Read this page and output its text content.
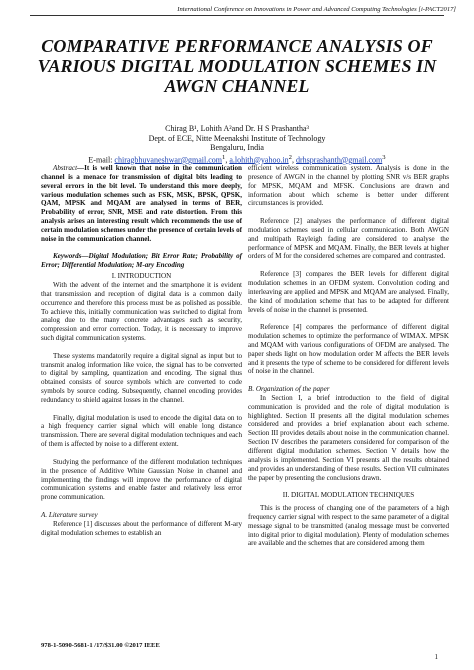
International Conference on Innovations in Power and Advanced Computing Technologies [i-PACT2017]
COMPARATIVE PERFORMANCE ANALYSIS OF
VARIOUS DIGITAL MODULATION SCHEMES IN
AWGN CHANNEL
Chirag B¹, Lohith A²and Dr. H S Prashantha³
Dept. of ECE, Nitte Meenakshi Institute of Technology
Bengaluru, India
E-mail: chiragbhuvaneshwar@gmail.com$^1$, $a.lohith@yahoo.in^2$, drhsprashanth@gmail.com$^3$

Abstract—It is well known that noise in the communication channel is a menace for transmission of digital bits leading to several errors in the bit level. To understand this more deeply, various modulation schemes such as FSK, MSK, BPSK, QPSK, QAM, MPSK and MQAM are analysed in terms of BER, Probability of error, SNR, MSE and rate distortion. From this analysis arises an interesting result which recommends the use of certain modulation schemes under the presence of certain levels of noise in the communication channel.

Keywords—Digital Modulation; Bit Error Rate; Probability of Error; Differential Modulation; M-ary Encoding

I. INTRODUCTION

With the advent of the internet and the smartphone it is evident that transmission and reception of digital data is a common daily occurrence and therefore this process must be as polished as possible. To achieve this, initially communication was switched to digital from analog due to the many concrete advantages such as security, compression and error correction. Today, it is necessary to improve such digital communication systems.

These systems mandatorily require a digital signal as input but to transmit analog information like voice, the signal has to be converted to digital by sampling, quantization and encoding. The signal thus obtained consists of source symbols which are converted to code symbols by source coding. Subsequently, channel encoding provides redundancy to shield against losses in the channel.

Finally, digital modulation is used to encode the digital data on to a high frequency carrier signal which will enable long distance transmission. There are several digital modulation techniques and each of them is affected by noise to a different extent.

Studying the performance of the different modulation techniques in the presence of Additive White Gaussian Noise in channel and implementing the findings will improve the performance of digital communication systems and enable faster and relatively less error prone communication.

A. Literature survey

Reference [1] discusses about the performance of different M-ary digital modulation schemes to establish an

efficient wireless communication system. Analysis is done in the presence of AWGN in the channel by plotting SNR v/s BER graphs for MPSK, MQAM and MFSK. Conclusions are drawn and information about which scheme is better under different circumstances is provided.

Reference [2] analyses the performance of different digital modulation schemes used in cellular communication. Both AWGN and multipath Rayleigh fading are considered to analyse the performance of MPSK and MQAM. Finally, the BER levels at higher orders of M for the considered schemes are compared and contrasted.

Reference [3] compares the BER levels for different digital modulation schemes in an OFDM system. Convolution coding and interleaving are applied and MPSK and MQAM are analysed. Finally, the kind of modulation scheme that has to be adapted for different levels of noise in the channel is presented.

Reference [4] compares the performance of different digital modulation schemes to optimize the performance of WIMAX. MPSK and MQAM with various configurations of OFDM are analysed. The paper sheds light on how modulation order M affects the BER levels and it presents the type of scheme to be considered for different levels of noise in the channel.

B. Organization of the paper

In Section I, a brief introduction to the field of digital communication is provided and the role of digital modulation is highlighted. Section II presents all the digital modulation schemes considered and provides a brief explanation about each scheme. Section III provides details about noise in the communication channel. Section IV describes the parameters considered for comparison of the different digital modulation schemes. Section V details how the analysis is implemented. Section VI presents all the results obtained and provides an understanding of these results. Section VII culminates the paper by presenting the conclusions drawn.

II. DIGITAL MODULATION TECHNIQUES

This is the process of changing one of the parameters of a high frequency carrier signal with respect to the same parameter of a digital message signal to be transmitted (analog message must be converted into digital prior to digital modulation). Plenty of modulation schemes are available and the schemes that are considered among them

978-1-5090-5681-1 /17/$31.00 ©2017 IEEE
1
